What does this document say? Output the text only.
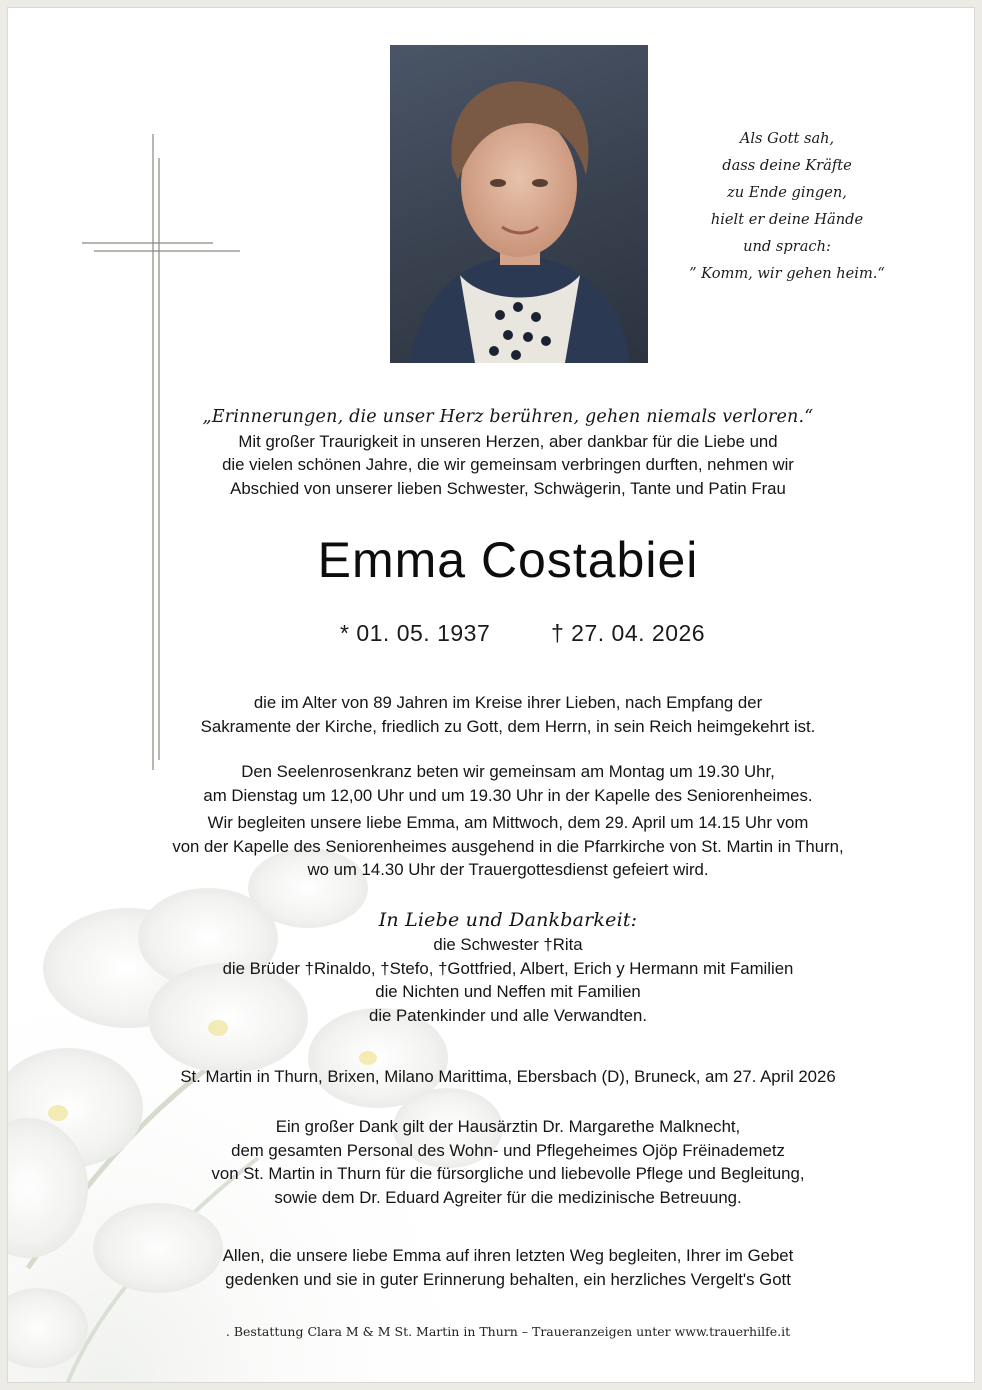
Als Gott sah,
dass deine Kräfte
zu Ende gingen,
hielt er deine Hände
und sprach:
” Komm, wir gehen heim.“
„Erinnerungen, die unser Herz berühren, gehen niemals verloren.“
Mit großer Traurigkeit in unseren Herzen, aber dankbar für die Liebe und
die vielen schönen Jahre, die wir gemeinsam verbringen durften, nehmen wir
Abschied von unserer lieben Schwester, Schwägerin, Tante und Patin Frau
Emma Costabiei
* 01. 05. 1937	† 27. 04. 2026
die im Alter von 89 Jahren im Kreise ihrer Lieben, nach Empfang der
Sakramente der Kirche, friedlich zu Gott, dem Herrn, in sein Reich heimgekehrt ist.
Den Seelenrosenkranz beten wir gemeinsam am Montag um 19.30 Uhr,
am Dienstag um 12,00 Uhr und um 19.30 Uhr in der Kapelle des Seniorenheimes.
Wir begleiten unsere liebe Emma, am Mittwoch, dem 29. April um 14.15 Uhr vom
von der Kapelle des Seniorenheimes ausgehend in die Pfarrkirche von St. Martin in Thurn,
wo um 14.30 Uhr der Trauergottesdienst gefeiert wird.
In Liebe und Dankbarkeit:
die Schwester †Rita
die Brüder †Rinaldo, †Stefo, †Gottfried, Albert, Erich y Hermann mit Familien
die Nichten und Neffen mit Familien
die Patenkinder und alle Verwandten.
St. Martin in Thurn, Brixen, Milano Marittima, Ebersbach (D), Bruneck, am 27. April 2026
Ein großer Dank gilt der Hausärztin Dr. Margarethe Malknecht,
dem gesamten Personal des Wohn- und Pflegeheimes Ojöp Frëinademetz
von St. Martin in Thurn für die fürsorgliche und liebevolle Pflege und Begleitung,
sowie dem Dr. Eduard Agreiter für die medizinische Betreuung.
Allen, die unsere liebe Emma auf ihren letzten Weg begleiten, Ihrer im Gebet
gedenken und sie in guter Erinnerung behalten, ein herzliches Vergelt's Gott
. Bestattung Clara M & M St. Martin in Thurn – Traueranzeigen unter www.trauerhilfe.it
